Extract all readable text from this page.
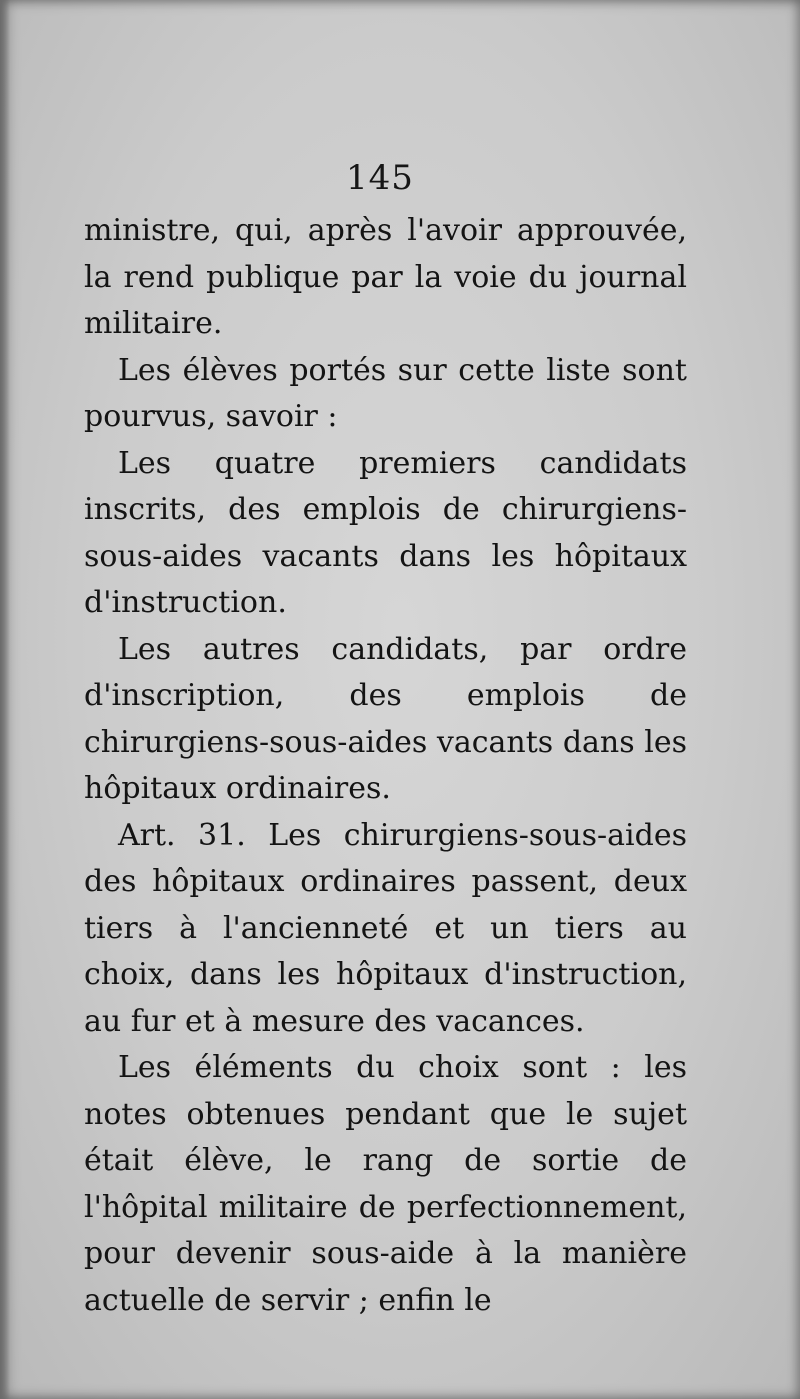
145

ministre, qui, après l'avoir approuvée, la rend publique par la voie du journal militaire.

Les élèves portés sur cette liste sont pourvus, savoir :

Les quatre premiers candidats inscrits, des emplois de chirurgiens-sous-aides vacants dans les hôpitaux d'instruction.

Les autres candidats, par ordre d'inscription, des emplois de chirurgiens-sous-aides vacants dans les hôpitaux ordinaires.

Art. 31. Les chirurgiens-sous-aides des hôpitaux ordinaires passent, deux tiers à l'ancienneté et un tiers au choix, dans les hôpitaux d'instruction, au fur et à mesure des vacances.

Les éléments du choix sont : les notes obtenues pendant que le sujet était élève, le rang de sortie de l'hôpital militaire de perfectionnement, pour devenir sous-aide à la manière actuelle de servir ; enfin le
